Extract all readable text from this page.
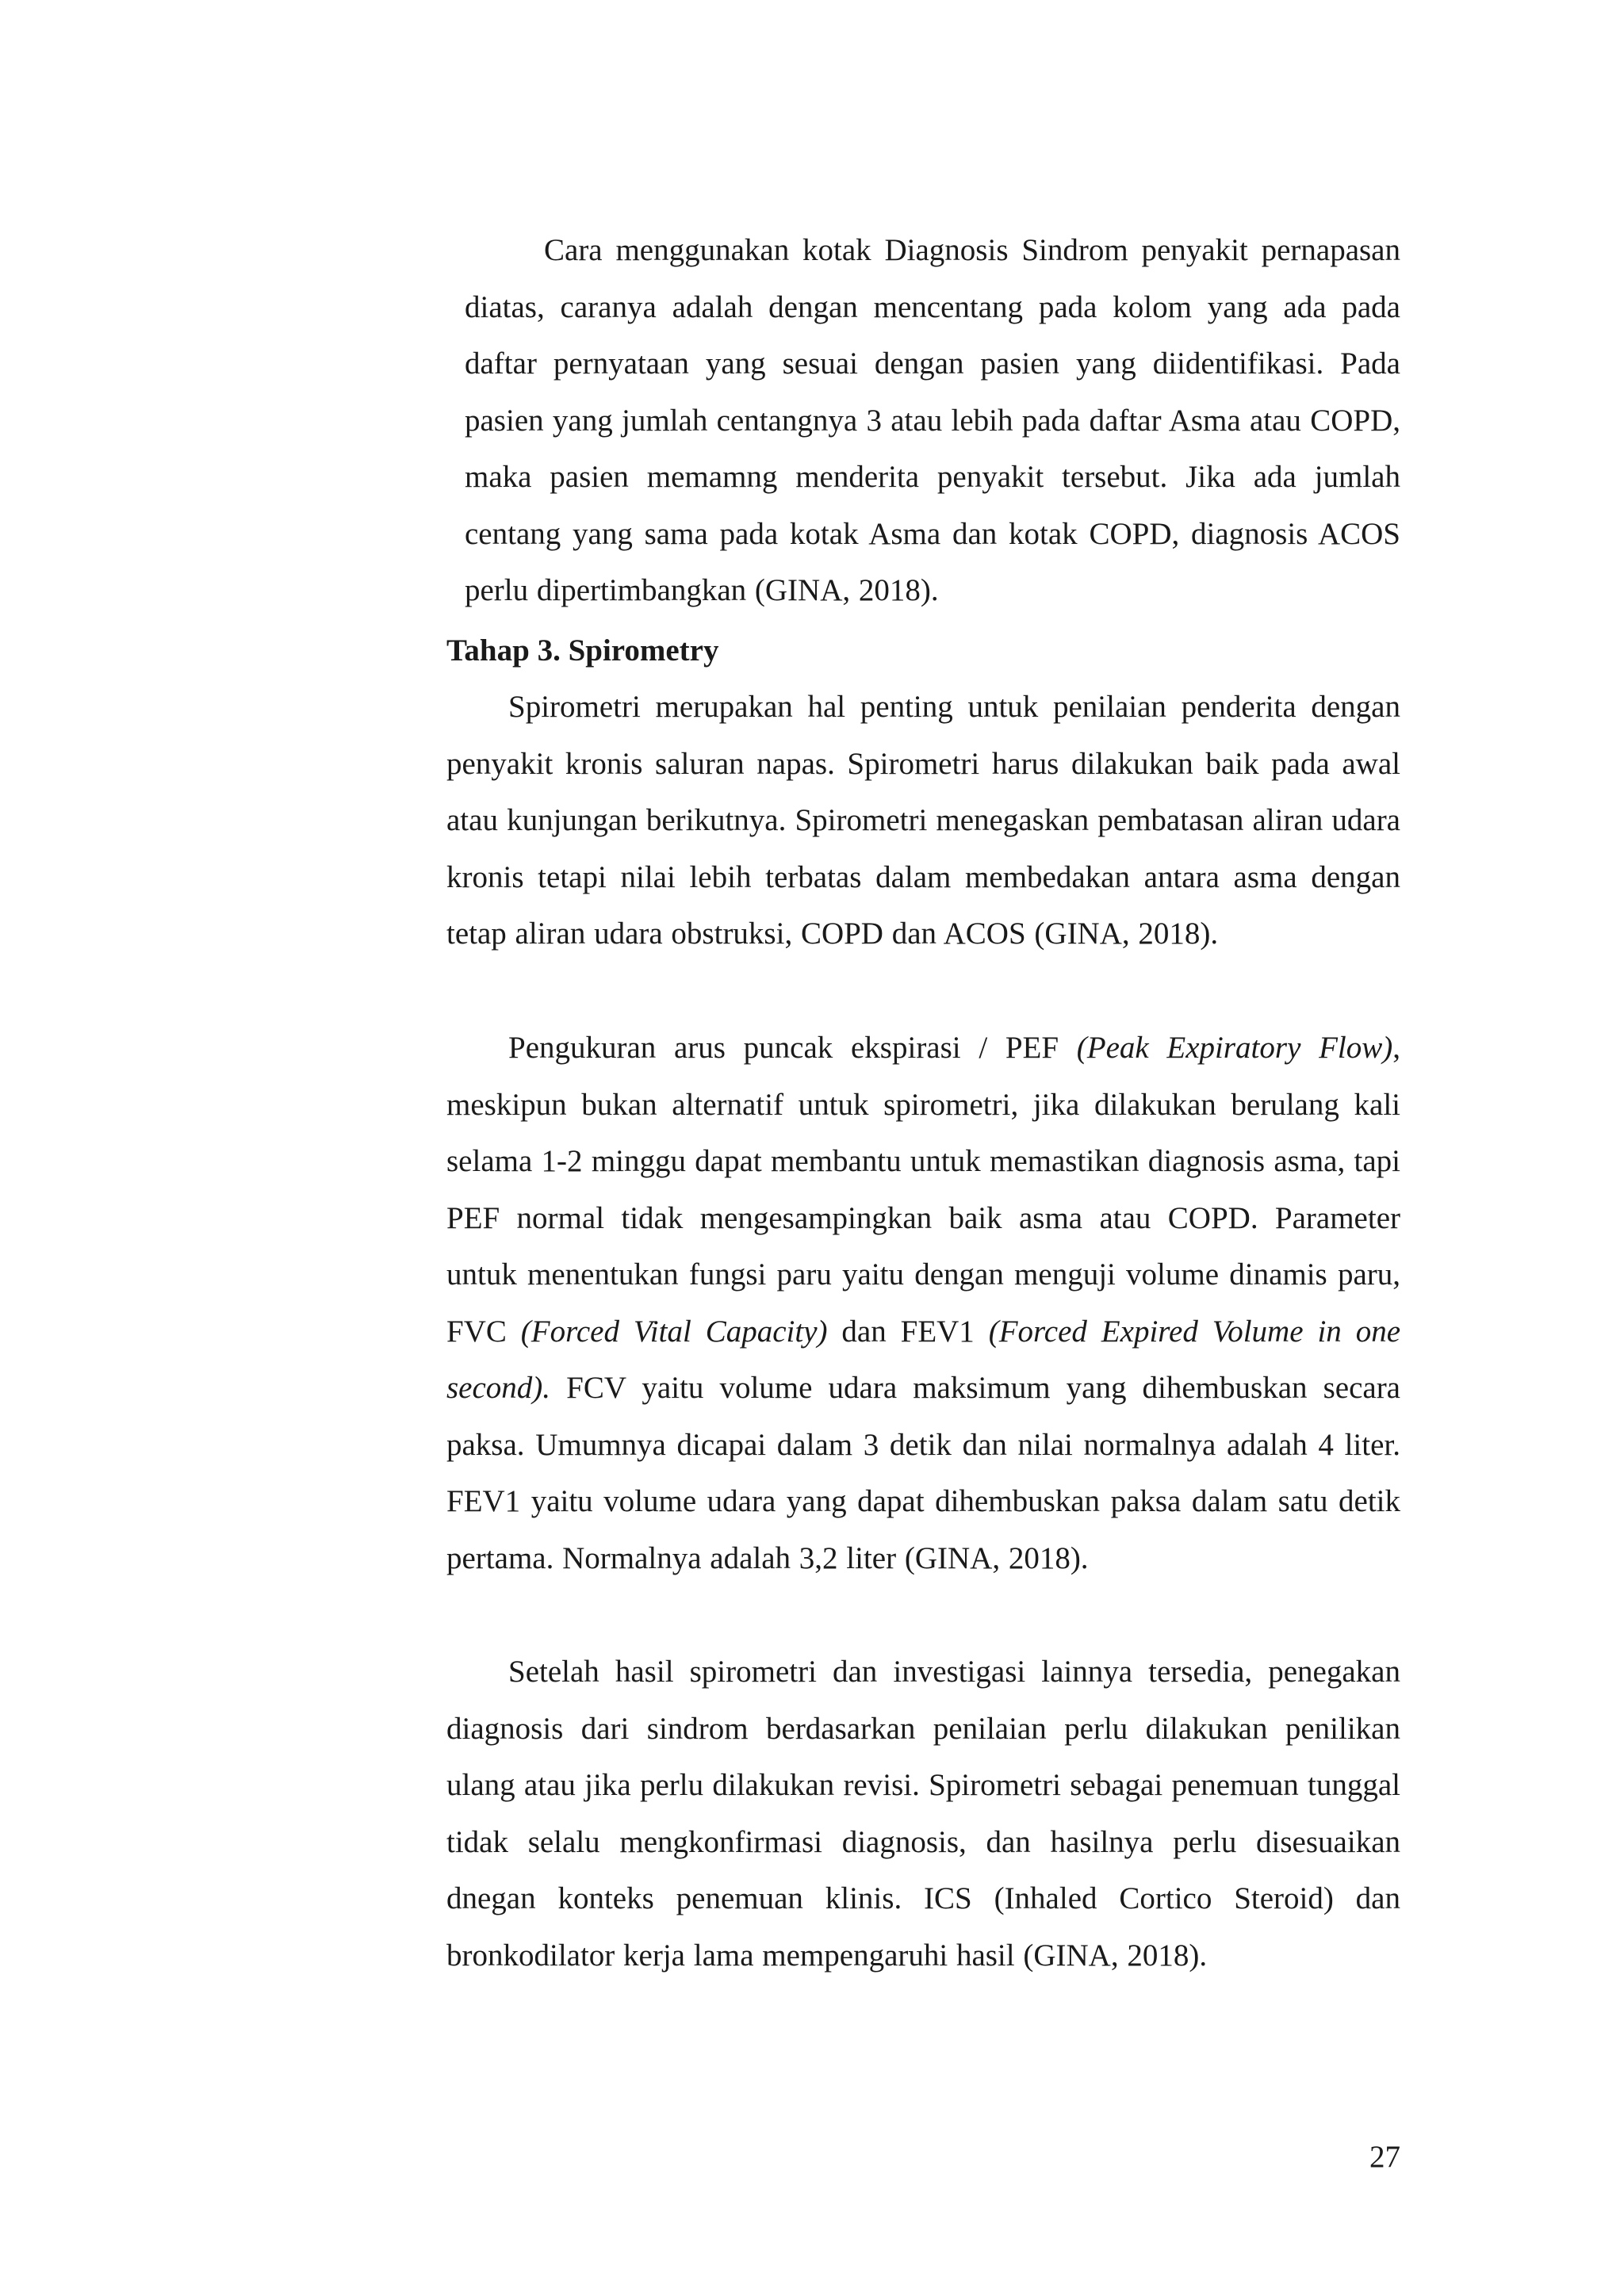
Cara menggunakan kotak Diagnosis Sindrom penyakit pernapasan diatas, caranya adalah dengan mencentang pada kolom yang ada pada daftar pernyataan yang sesuai dengan pasien yang diidentifikasi. Pada pasien yang jumlah centangnya 3 atau lebih pada daftar Asma atau COPD, maka pasien memamng menderita penyakit tersebut. Jika ada jumlah centang yang sama pada kotak Asma dan kotak COPD, diagnosis ACOS perlu dipertimbangkan (GINA, 2018).

Tahap 3. Spirometry

Spirometri merupakan hal penting untuk penilaian penderita dengan penyakit kronis saluran napas. Spirometri harus dilakukan baik pada awal atau kunjungan berikutnya. Spirometri menegaskan pembatasan aliran udara kronis tetapi nilai lebih terbatas dalam membedakan antara asma dengan tetap aliran udara obstruksi, COPD dan ACOS (GINA, 2018).

Pengukuran arus puncak ekspirasi / PEF (Peak Expiratory Flow), meskipun bukan alternatif untuk spirometri, jika dilakukan berulang kali selama 1-2 minggu dapat membantu untuk memastikan diagnosis asma, tapi PEF normal tidak mengesampingkan baik asma atau COPD. Parameter untuk menentukan fungsi paru yaitu dengan menguji volume dinamis paru, FVC (Forced Vital Capacity) dan FEV1 (Forced Expired Volume in one second). FCV yaitu volume udara maksimum yang dihembuskan secara paksa. Umumnya dicapai dalam 3 detik dan nilai normalnya adalah 4 liter. FEV1 yaitu volume udara yang dapat dihembuskan paksa dalam satu detik pertama. Normalnya adalah 3,2 liter (GINA, 2018).

Setelah hasil spirometri dan investigasi lainnya tersedia, penegakan diagnosis dari sindrom berdasarkan penilaian perlu dilakukan penilikan ulang atau jika perlu dilakukan revisi. Spirometri sebagai penemuan tunggal tidak selalu mengkonfirmasi diagnosis, dan hasilnya perlu disesuaikan dnegan konteks penemuan klinis. ICS (Inhaled Cortico Steroid) dan bronkodilator kerja lama mempengaruhi hasil (GINA, 2018).

27
